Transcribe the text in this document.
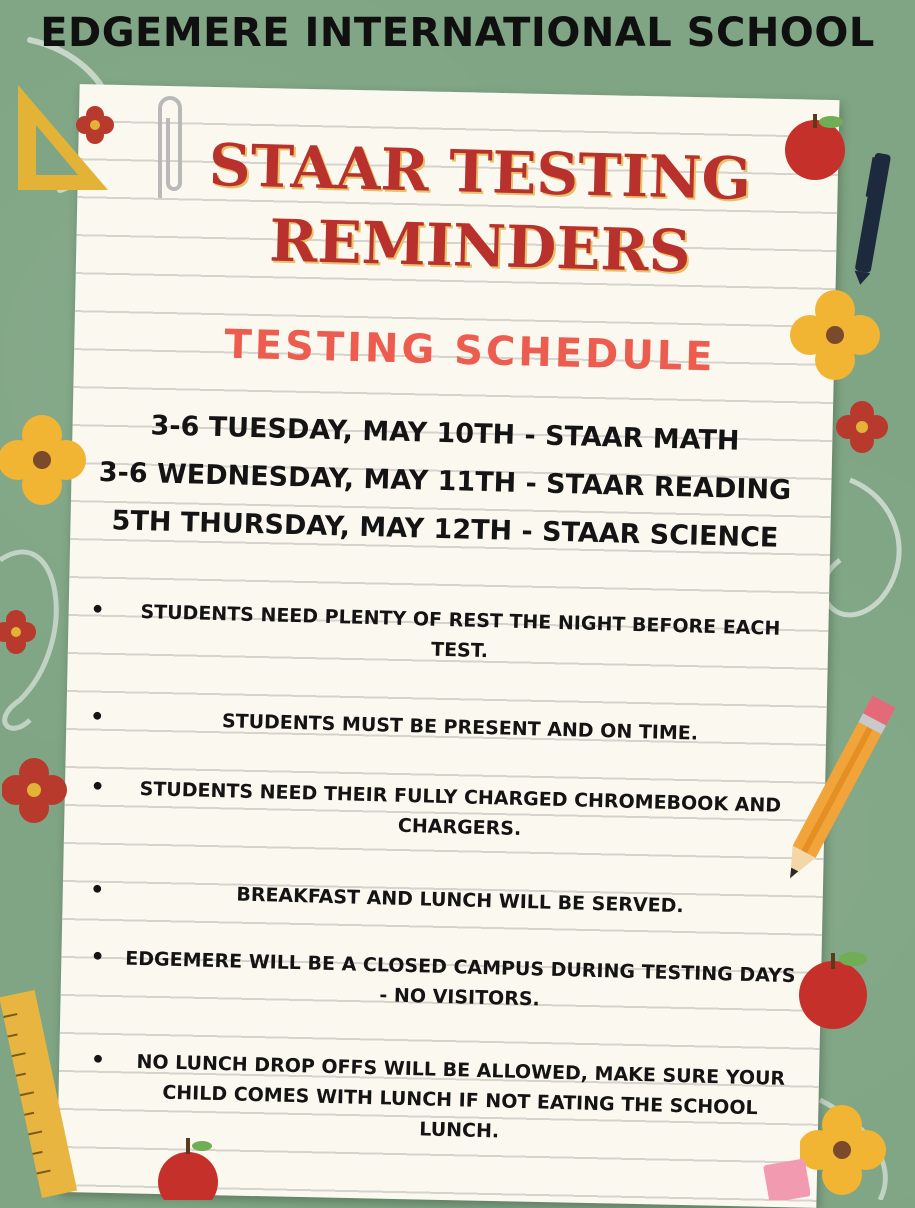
EDGEMERE INTERNATIONAL SCHOOL
STAAR TESTING
REMINDERS
TESTING SCHEDULE
3-6 TUESDAY, MAY 10TH - STAAR MATH
3-6 WEDNESDAY, MAY 11TH - STAAR READING
5TH THURSDAY, MAY 12TH - STAAR SCIENCE
•	STUDENTS NEED PLENTY OF REST THE NIGHT BEFORE EACH TEST.
•	STUDENTS MUST BE PRESENT AND ON TIME.
•	STUDENTS NEED THEIR FULLY CHARGED CHROMEBOOK AND CHARGERS.
•	BREAKFAST AND LUNCH WILL BE SERVED.
•	EDGEMERE WILL BE A CLOSED CAMPUS DURING TESTING DAYS - NO VISITORS.
•	NO LUNCH DROP OFFS WILL BE ALLOWED, MAKE SURE YOUR CHILD COMES WITH LUNCH IF NOT EATING THE SCHOOL LUNCH.
